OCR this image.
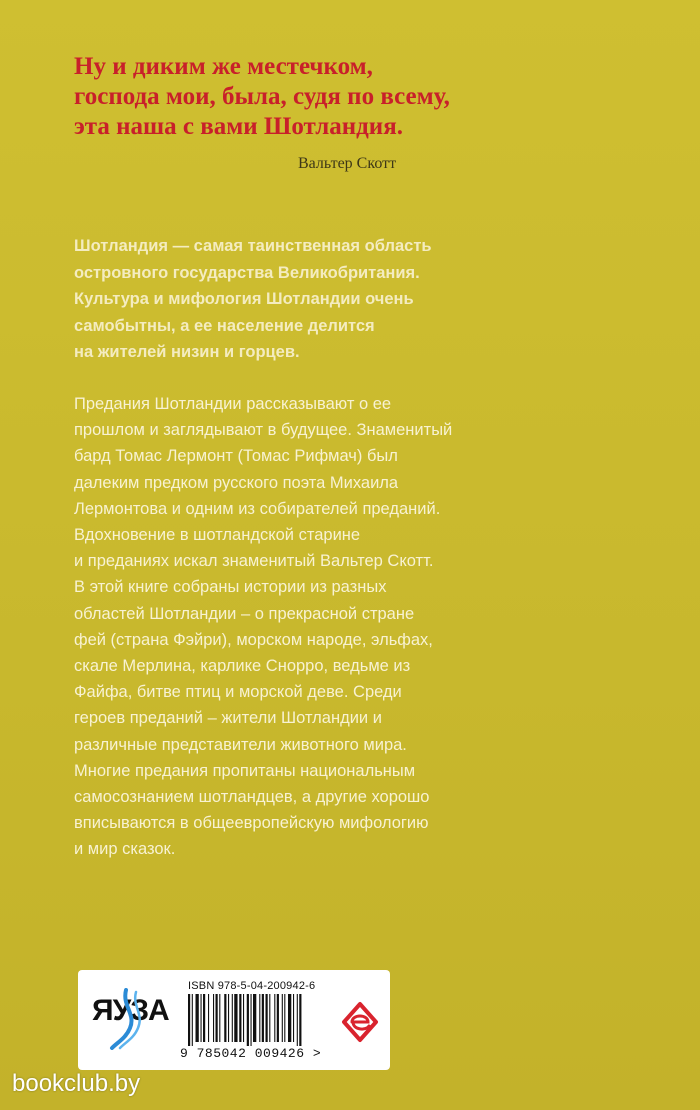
Ну и диким же местечком,
господа мои, была, судя по всему,
эта наша с вами Шотландия.
Вальтер Скотт
Шотландия — самая таинственная область
островного государства Великобритания.
Культура и мифология Шотландии очень
самобытны, а ее население делится
на жителей низин и горцев.
Предания Шотландии рассказывают о ее
прошлом и заглядывают в будущее. Знаменитый
бард Томас Лермонт (Томас Рифмач) был
далеким предком русского поэта Михаила
Лермонтова и одним из собирателей преданий.
Вдохновение в шотландской старине
и преданиях искал знаменитый Вальтер Скотт.
В этой книге собраны истории из разных
областей Шотландии – о прекрасной стране
фей (страна Фэйри), морском народе, эльфах,
скале Мерлина, карлике Снорро, ведьме из
Файфа, битве птиц и морской деве. Среди
героев преданий – жители Шотландии и
различные представители животного мира.
Многие предания пропитаны национальным
самосознанием шотландцев, а другие хорошо
вписываются в общеевропейскую мифологию
и мир сказок.
ЯУЗА
ISBN 978-5-04-200942-6
9 785042 009426 >
bookclub.by
